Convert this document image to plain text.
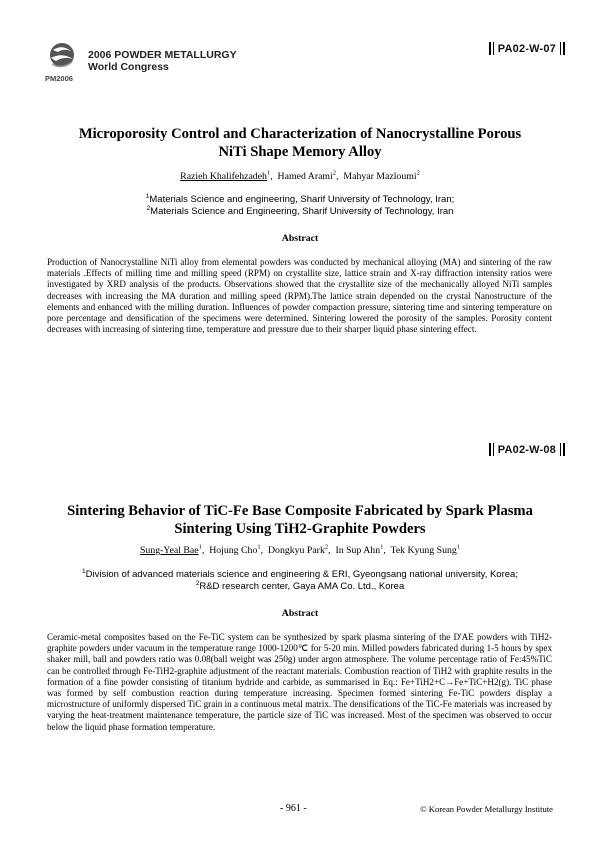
PM2006
2006 POWDER METALLURGY
World Congress
PA02-W-07
Microporosity Control and Characterization of Nanocrystalline Porous
NiTi Shape Memory Alloy
Razieh Khalifehzadeh$^1$,  Hamed Arami$^2$,  Mahyar Mazloumi$^2$
$^1$Materials Science and engineering, Sharif University of Technology, Iran;
$^2$Materials Science and Engineering, Sharif University of Technology, Iran
Abstract
Production of Nanocrystalline NiTi alloy from elemental powders was conducted by mechanical alloying (MA) and sintering of the raw materials .Effects of milling time and milling speed (RPM) on crystallite size, lattice strain and X-ray diffraction intensity ratios were investigated by XRD analysis of the products. Observations showed that the crystallite size of the mechanically alloyed NiTi samples decreases with increasing the MA duration and milling speed (RPM).The lattice strain depended on the crystal Nanostructure of the elements and enhanced with the milling duration. Influences of powder compaction pressure, sintering time and sintering temperature on pore percentage and densification of the specimens were determined. Sintering lowered the porosity of the samples. Porosity content decreases with increasing of sintering time, temperature and pressure due to their sharper liquid phase sintering effect.
PA02-W-08
Sintering Behavior of TiC-Fe Base Composite Fabricated by Spark Plasma
Sintering Using TiH2-Graphite Powders
Sung-Yeal Bae$^1$,  Hojung Cho$^1$,  Dongkyu Park$^2$,  In Sup Ahn$^1$,  Tek Kyung Sung$^1$
$^1$Division of advanced materials science and engineering & ERI, Gyeongsang national university, Korea;
$^2$R&D research center, Gaya AMA Co. Ltd., Korea
Abstract
Ceramic-metal composites based on the Fe-TiC system can be synthesized by spark plasma sintering of the D'AE powders with TiH2-graphite powders under vacuum in the temperature range 1000-1200℃ for 5-20 min. Milled powders fabricated during 1-5 hours by spex shaker mill, ball and powders ratio was 0.08(ball weight was 250g) under argon atmosphere. The volume percentage ratio of Fe:45%TiC can be controlled through Fe-TiH2-graphite adjustment of the reactant materials. Combustion reaction of TiH2 with graphite results in the formation of a fine powder consisting of titanium hydride and carbide, as summarised in Eq.: Fe+TiH2+C→Fe+TiC+H2(g). TiC phase was formed by self combustion reaction during temperature increasing. Specimen formed sintering Fe-TiC powders display a microstructure of uniformly dispersed TiC grain in a continuous metal matrix. The densifications of the TiC-Fe materials was increased by varying the heat-treatment maintenance temperature, the particle size of TiC was increased. Most of the specimen was observed to occur below the liquid phase formation temperature.
- 961 -	© Korean Powder Metallurgy Institute
